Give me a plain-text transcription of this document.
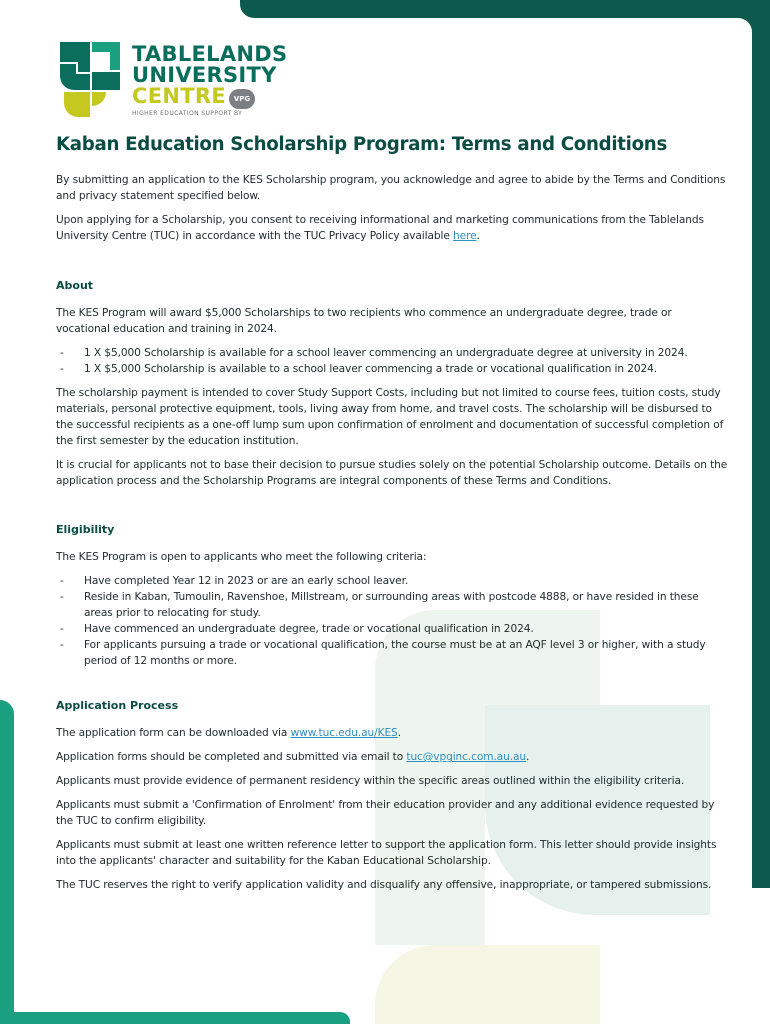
TABLELANDS
UNIVERSITY
CENTRE VPG
HIGHER EDUCATION SUPPORT BY
Kaban Education Scholarship Program: Terms and Conditions

By submitting an application to the KES Scholarship program, you acknowledge and agree to abide by the Terms and Conditions and privacy statement specified below.

Upon applying for a Scholarship, you consent to receiving informational and marketing communications from the Tablelands University Centre (TUC) in accordance with the TUC Privacy Policy available here.

About

The KES Program will award $5,000 Scholarships to two recipients who commence an undergraduate degree, trade or vocational education and training in 2024.

- 1 X $5,000 Scholarship is available for a school leaver commencing an undergraduate degree at university in 2024.
- 1 X $5,000 Scholarship is available to a school leaver commencing a trade or vocational qualification in 2024.

The scholarship payment is intended to cover Study Support Costs, including but not limited to course fees, tuition costs, study materials, personal protective equipment, tools, living away from home, and travel costs. The scholarship will be disbursed to the successful recipients as a one-off lump sum upon confirmation of enrolment and documentation of successful completion of the first semester by the education institution.

It is crucial for applicants not to base their decision to pursue studies solely on the potential Scholarship outcome. Details on the application process and the Scholarship Programs are integral components of these Terms and Conditions.

Eligibility

The KES Program is open to applicants who meet the following criteria:

- Have completed Year 12 in 2023 or are an early school leaver.
- Reside in Kaban, Tumoulin, Ravenshoe, Millstream, or surrounding areas with postcode 4888, or have resided in these areas prior to relocating for study.
- Have commenced an undergraduate degree, trade or vocational qualification in 2024.
- For applicants pursuing a trade or vocational qualification, the course must be at an AQF level 3 or higher, with a study period of 12 months or more.
Application Process

The application form can be downloaded via www.tuc.edu.au/KES.

Application forms should be completed and submitted via email to tuc@vpginc.com.au.au.

Applicants must provide evidence of permanent residency within the specific areas outlined within the eligibility criteria.

Applicants must submit a 'Confirmation of Enrolment' from their education provider and any additional evidence requested by the TUC to confirm eligibility.

Applicants must submit at least one written reference letter to support the application form. This letter should provide insights into the applicants' character and suitability for the Kaban Educational Scholarship.

The TUC reserves the right to verify application validity and disqualify any offensive, inappropriate, or tampered submissions.
